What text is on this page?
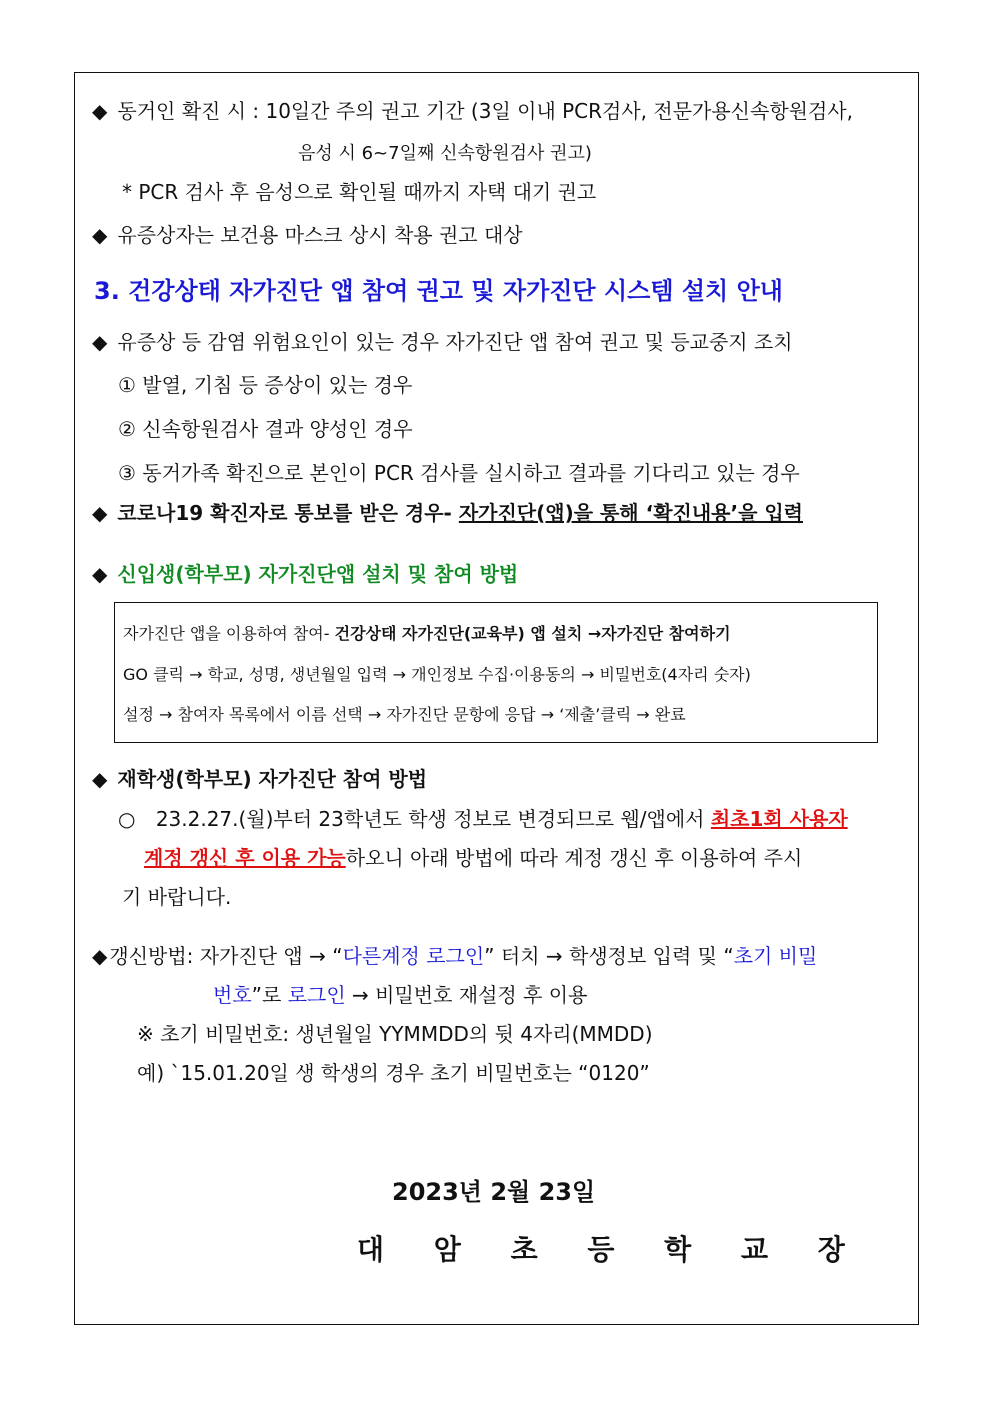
◆ 동거인 확진 시 : 10일간 주의 권고 기간 (3일 이내 PCR검사, 전문가용신속항원검사,
음성 시 6~7일째 신속항원검사 권고)
* PCR 검사 후 음성으로 확인될 때까지 자택 대기 권고
◆ 유증상자는 보건용 마스크 상시 착용 권고 대상
3. 건강상태 자가진단 앱 참여 권고 및 자가진단 시스템 설치 안내
◆ 유증상 등 감염 위험요인이 있는 경우 자가진단 앱 참여 권고 및 등교중지 조치
① 발열, 기침 등 증상이 있는 경우
② 신속항원검사 결과 양성인 경우
③ 동거가족 확진으로 본인이 PCR 검사를 실시하고 결과를 기다리고 있는 경우
◆ 코로나19 확진자로 통보를 받은 경우- 자가진단(앱)을 통해 ‘확진내용’을 입력
◆ 신입생(학부모) 자가진단앱 설치 및 참여 방법
자가진단 앱을 이용하여 참여- 건강상태 자가진단(교육부) 앱 설치 →자가진단 참여하기
GO 클릭 → 학교, 성명, 생년월일 입력 → 개인정보 수집·이용동의 → 비밀번호(4자리 숫자)
설정 → 참여자 목록에서 이름 선택 → 자가진단 문항에 응답 → ‘제출’클릭 → 완료
◆ 재학생(학부모) 자가진단 참여 방법
○ 23.2.27.(월)부터 23학년도 학생 정보로 변경되므로 웹/앱에서 최초1회 사용자
계정 갱신 후 이용 가능하오니 아래 방법에 따라 계정 갱신 후 이용하여 주시
기 바랍니다.
◆ 갱신방법: 자가진단 앱 → “다른계정 로그인” 터치 → 학생정보 입력 및 “초기 비밀
번호”로 로그인 → 비밀번호 재설정 후 이용
※ 초기 비밀번호: 생년월일 YYMMDD의 뒷 4자리(MMDD)
예) `15.01.20일 생 학생의 경우 초기 비밀번호는 “0120”
2023년 2월 23일
대 암 초 등 학 교 장
